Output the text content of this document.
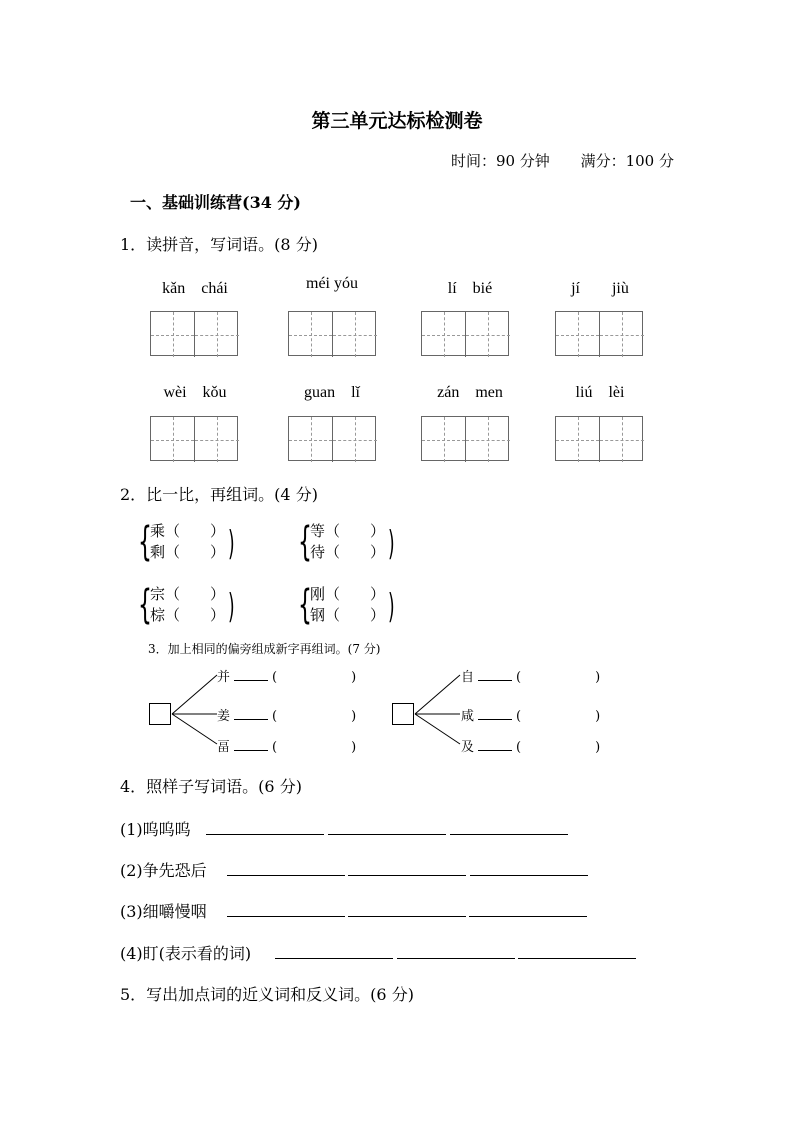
第三单元达标检测卷
时间：90 分钟 满分：100 分
一、基础训练营(34 分)
1．读拼音，写词语。(8 分)
kǎn　chái	méi yóu	lí　bié	jí　　jiù
wèi　kǒu	guan　lǐ	zán　men	liú　lèi
2．比一比，再组词。(4 分)
{
乘（　　）
剩（　　） ) {
等（　　）
待（　　） )
{
宗（　　）
棕（　　） ) {
刚（　　）
钢（　　） )
3．加上相同的偏旁组成新字再组词。(7 分)
并	(	)
姜	(	)
畐	(	)
自	(	)
咸	(	)
及	(	)
4．照样子写词语。(6 分)
(1)呜呜呜
(2)争先恐后
(3)细嚼慢咽
(4)盯(表示看的词)
5．写出加点词的近义词和反义词。(6 分)
